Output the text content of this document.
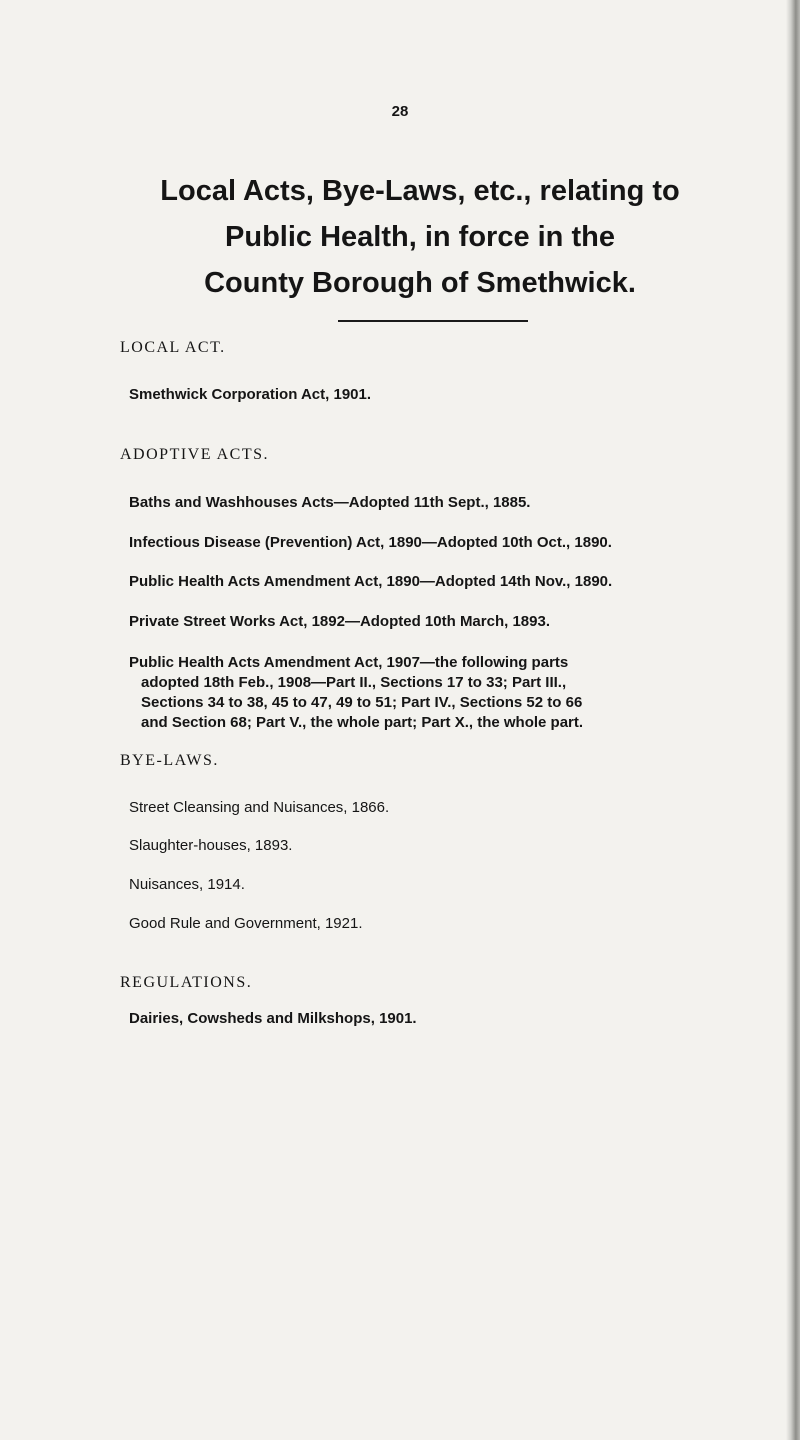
28
Local Acts, Bye-Laws, etc., relating to
Public Health, in force in the
County Borough of Smethwick.
LOCAL ACT.
Smethwick Corporation Act, 1901.
ADOPTIVE ACTS.
Baths and Washhouses Acts—Adopted 11th Sept., 1885.
Infectious Disease (Prevention) Act, 1890—Adopted 10th Oct., 1890.
Public Health Acts Amendment Act, 1890—Adopted 14th Nov., 1890.
Private Street Works Act, 1892—Adopted 10th March, 1893.
Public Health Acts Amendment Act, 1907—the following parts
adopted 18th Feb., 1908—Part II., Sections 17 to 33; Part III.,
Sections 34 to 38, 45 to 47, 49 to 51; Part IV., Sections 52 to 66
and Section 68; Part V., the whole part; Part X., the whole part.
BYE-LAWS.
Street Cleansing and Nuisances, 1866.
Slaughter-houses, 1893.
Nuisances, 1914.
Good Rule and Government, 1921.
REGULATIONS.
Dairies, Cowsheds and Milkshops, 1901.
